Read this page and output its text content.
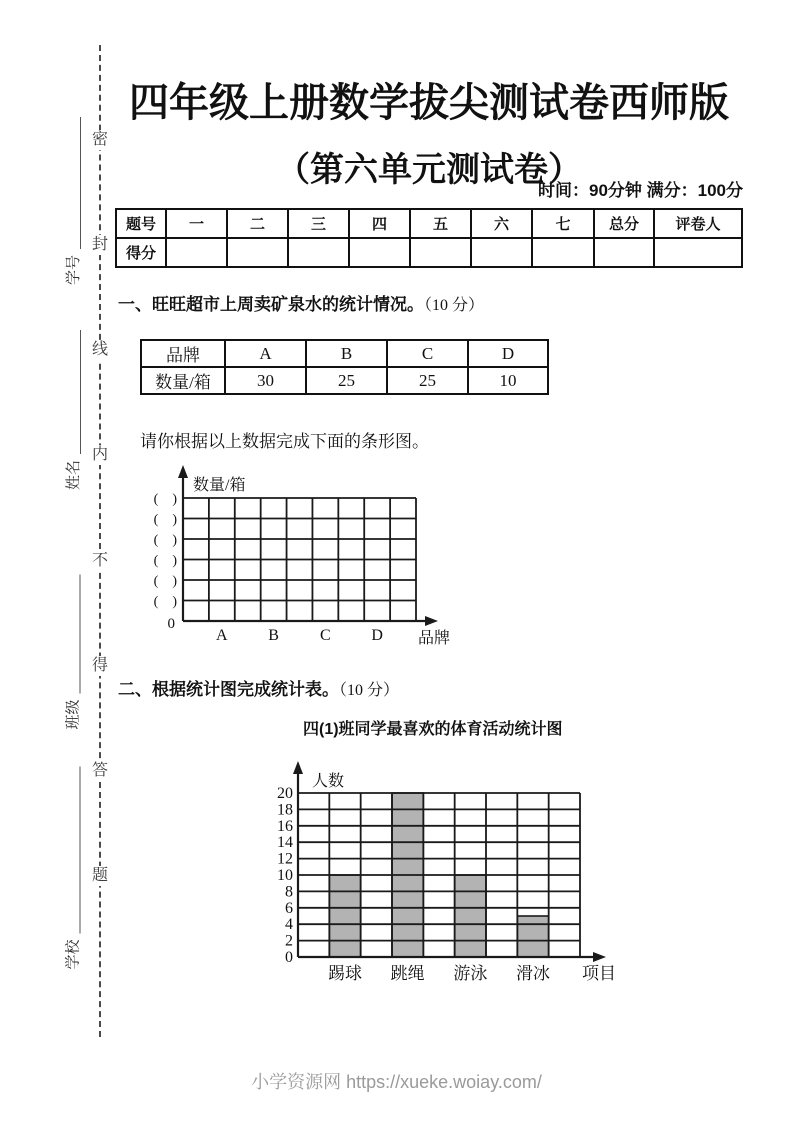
密
封
线
内
不
得
答
题
学号
姓名
班级
学校
四年级上册数学拔尖测试卷西师版
（第六单元测试卷）
时间：90分钟 满分：100分
题号	一	二	三	四	五	六	七	总分	评卷人
得分									
一、旺旺超市上周卖矿泉水的统计情况。（10 分）
品牌	A	B	C	D
数量/箱	30	25	25	10
请你根据以上数据完成下面的条形图。
数量/箱
(  )
(  )
(  )
(  )
(  )
(  )
0
A	B	C	D 品牌
二、根据统计图完成统计表。（10 分）
四(1)班同学最喜欢的体育活动统计图
人数
0
2
4
6
8
10
12
14
16
18
20
踢球 跳绳 游泳 滑冰 项目
小学资源网 https://xueke.woiay.com/
